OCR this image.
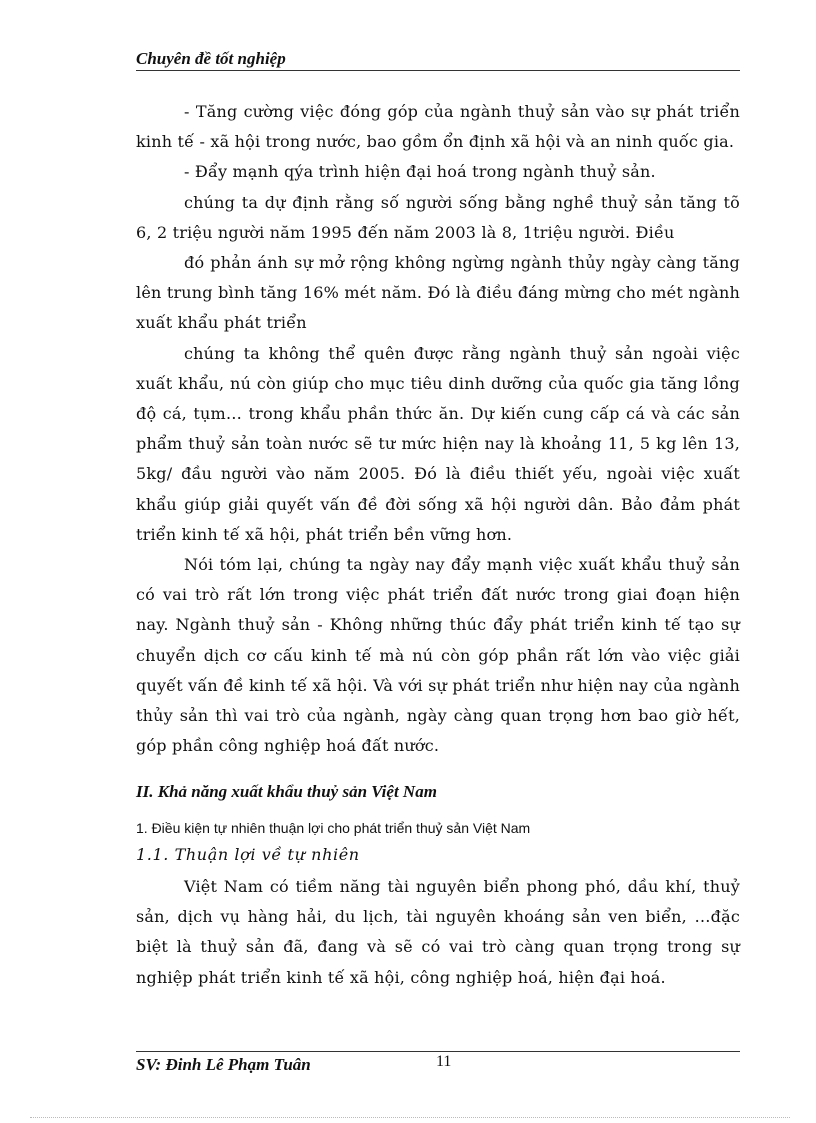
Chuyên đề tốt nghiệp

- Tăng cường việc đóng góp của ngành thuỷ sản vào sự phát triển kinh tế - xã hội trong nước, bao gồm ổn định xã hội và an ninh quốc gia.

- Đẩy mạnh qýa trình hiện đại hoá trong ngành thuỷ sản.

chúng ta dự định rằng số người sống bằng nghề thuỷ sản tăng tõ 6, 2 triệu người năm 1995 đến năm 2003 là 8, 1triệu người. Điều

đó phản ánh sự mở rộng không ngừng ngành thủy ngày càng tăng lên trung bình tăng 16% mét năm. Đó là điều đáng mừng cho mét ngành xuất khẩu phát triển

chúng ta không thể quên được rằng ngành thuỷ sản ngoài việc xuất khẩu, nú còn giúp cho mục tiêu dinh dưỡng của quốc gia tăng lồng độ cá, tụm… trong khẩu phần thức ăn. Dự kiến cung cấp cá và các sản phẩm thuỷ sản toàn nước sẽ tư mức hiện nay là khoảng 11, 5 kg lên 13, 5kg/ đầu người vào năm 2005. Đó là điều thiết yếu, ngoài việc xuất khẩu giúp giải quyết vấn đề đời sống xã hội người dân. Bảo đảm phát triển kinh tế xã hội, phát triển bền vững hơn.

Nói tóm lại, chúng ta ngày nay đẩy mạnh việc xuất khẩu thuỷ sản có vai trò rất lớn trong việc phát triển đất nước trong giai đoạn hiện nay. Ngành thuỷ sản - Không những thúc đẩy phát triển kinh tế tạo sự chuyển dịch cơ cấu kinh tế mà nú còn góp phần rất lớn vào việc giải quyết vấn đề kinh tế xã hội. Và với sự phát triển như hiện nay của ngành thủy sản thì vai trò của ngành, ngày càng quan trọng hơn bao giờ hết, góp phần công nghiệp hoá đất nước.

II. Khả năng xuất khẩu thuỷ sản Việt Nam
1. Điều kiện tự nhiên thuận lợi cho phát triển thuỷ sản Việt Nam
1.1. Thuận lợi về tự nhiên

Việt Nam có tiềm năng tài nguyên biển phong phó, dầu khí, thuỷ sản, dịch vụ hàng hải, du lịch, tài nguyên khoáng sản ven biển, …đặc biệt là thuỷ sản đã, đang và sẽ có vai trò càng quan trọng trong sự nghiệp phát triển kinh tế xã hội, công nghiệp hoá, hiện đại hoá.

SV: Đinh Lê Phạm Tuân	11
